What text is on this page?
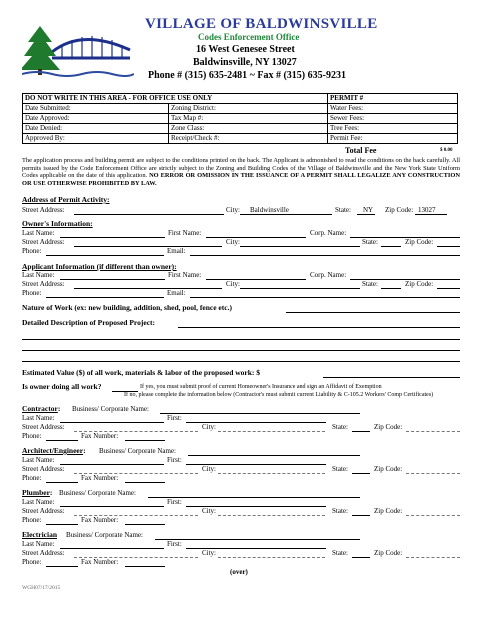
VILLAGE OF BALDWINSVILLE
Codes Enforcement Office
16 West Genesee Street
Baldwinsville, NY 13027
Phone # (315) 635-2481 ~ Fax # (315) 635-9231
DO NOT WRITE IN THIS AREA - FOR OFFICE USE ONLY		PERMIT #
Date Submitted:	Zoning District:	Water Fees:
Date Approved:	Tax Map #:	Sewer Fees:
Date Denied:	Zone Class:	Tree Fees:
Approved By:	Receipt/Check #:	Permit Fee:
Total Fee	$ 0.00
The application process and building permit are subject to the conditions printed on the back. The Applicant is admonished to read the conditions on the back carefully. All permits issued by the Code Enforcement Office are strictly subject to the Zoning and Building Codes of the Village of Baldwinsville and the New York State Uniform Codes applicable on the date of this application. NO ERROR OR OMISSION IN THE ISSUANCE OF A PERMIT SHALL LEGALIZE ANY CONSTRUCTION OR USE OTHERWISE PROHIBITED BY LAW.
Address of Permit Activity:
Street Address:	City: Baldwinsville	State: NY Zip Code: 13027
Owner's Information:
Last Name:	First Name:	Corp. Name:
Street Address:	City:	State:	Zip Code:
Phone:	Email:
Applicant Information (if different than owner):
Last Name:	First Name:	Corp. Name:
Street Address:	City:	State:	Zip Code:
Phone:	Email:
Nature of Work (ex: new building, addition, shed, pool, fence etc.)
Detailed Description of Proposed Project:
Estimated Value ($) of all work, materials & labor of the proposed work: $
Is owner doing all work?	If yes, you must submit proof of current Homeowner's Insurance and sign an Affidavit of Exemption
If no, please complete the information below (Contractor's must submit current Liability & C-105.2 Workers' Comp Certificates)
Contractor: Business/ Corporate Name:
Last Name:	First:
Street Address:	City:	State:	Zip Code:
Phone:	Fax Number:
Architect/Engineer: Business/ Corporate Name:
Last Name:	First:
Street Address:	City:	State:	Zip Code:
Phone:	Fax Number:
Plumber: Business/ Corporate Name:
Last Name:	First:
Street Address:	City:	State:	Zip Code:
Phone:	Fax Number:
Electrician Business/ Corporate Name:
Last Name:	First:
Street Address:	City:	State:	Zip Code:
Phone:	Fax Number:
(over)
WGH07/17/2015
